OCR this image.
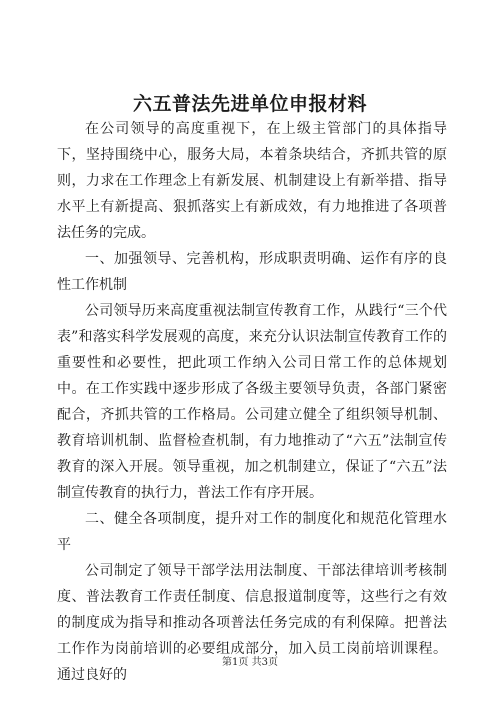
六五普法先进单位申报材料

在公司领导的高度重视下，在上级主管部门的具体指导下，坚持围绕中心，服务大局，本着条块结合，齐抓共管的原则，力求在工作理念上有新发展、机制建设上有新举措、指导水平上有新提高、狠抓落实上有新成效，有力地推进了各项普法任务的完成。

一、加强领导、完善机构，形成职责明确、运作有序的良性工作机制

公司领导历来高度重视法制宣传教育工作，从践行“三个代表”和落实科学发展观的高度，来充分认识法制宣传教育工作的重要性和必要性，把此项工作纳入公司日常工作的总体规划中。在工作实践中逐步形成了各级主要领导负责，各部门紧密配合，齐抓共管的工作格局。公司建立健全了组织领导机制、教育培训机制、监督检查机制，有力地推动了“六五”法制宣传教育的深入开展。领导重视，加之机制建立，保证了“六五”法制宣传教育的执行力，普法工作有序开展。

二、健全各项制度，提升对工作的制度化和规范化管理水平

公司制定了领导干部学法用法制度、干部法律培训考核制度、普法教育工作责任制度、信息报道制度等，这些行之有效的制度成为指导和推动各项普法任务完成的有利保障。把普法工作作为岗前培训的必要组成部分，加入员工岗前培训课程。通过良好的

第1页 共3页
